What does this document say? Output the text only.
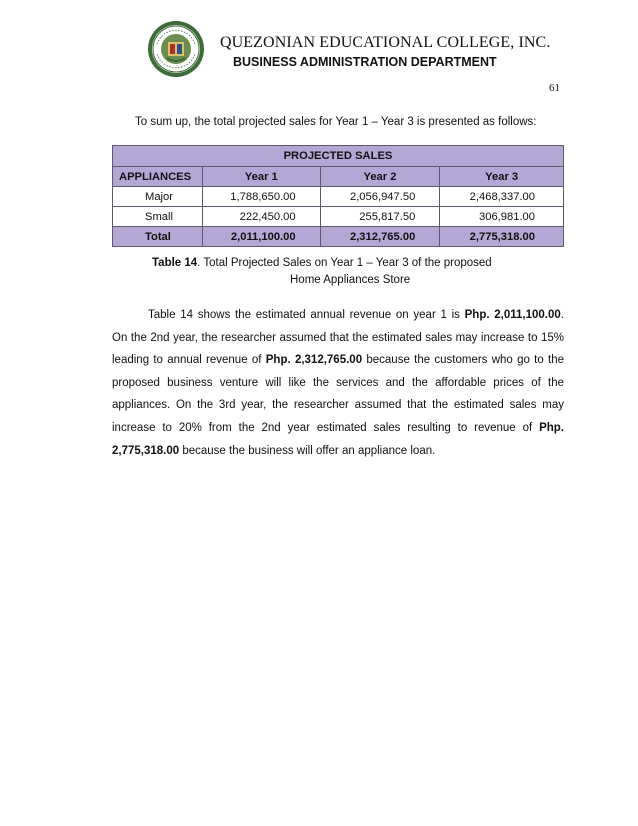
QUEZONIAN EDUCATIONAL COLLEGE, INC.
BUSINESS ADMINISTRATION DEPARTMENT
61
To sum up, the total projected sales for Year 1 – Year 3 is presented as follows:
PROJECTED SALES			
APPLIANCES	Year 1	Year 2	Year 3
Major	1,788,650.00	2,056,947.50	2,468,337.00
Small	222,450.00	255,817.50	306,981.00
Total	2,011,100.00	2,312,765.00	2,775,318.00
Table 14. Total Projected Sales on Year 1 – Year 3 of the proposed
Home Appliances Store
Table 14 shows the estimated annual revenue on year 1 is Php. 2,011,100.00. On the 2nd year, the researcher assumed that the estimated sales may increase to 15% leading to annual revenue of Php. 2,312,765.00 because the customers who go to the proposed business venture will like the services and the affordable prices of the appliances. On the 3rd year, the researcher assumed that the estimated sales may increase to 20% from the 2nd year estimated sales resulting to revenue of Php. 2,775,318.00 because the business will offer an appliance loan.
